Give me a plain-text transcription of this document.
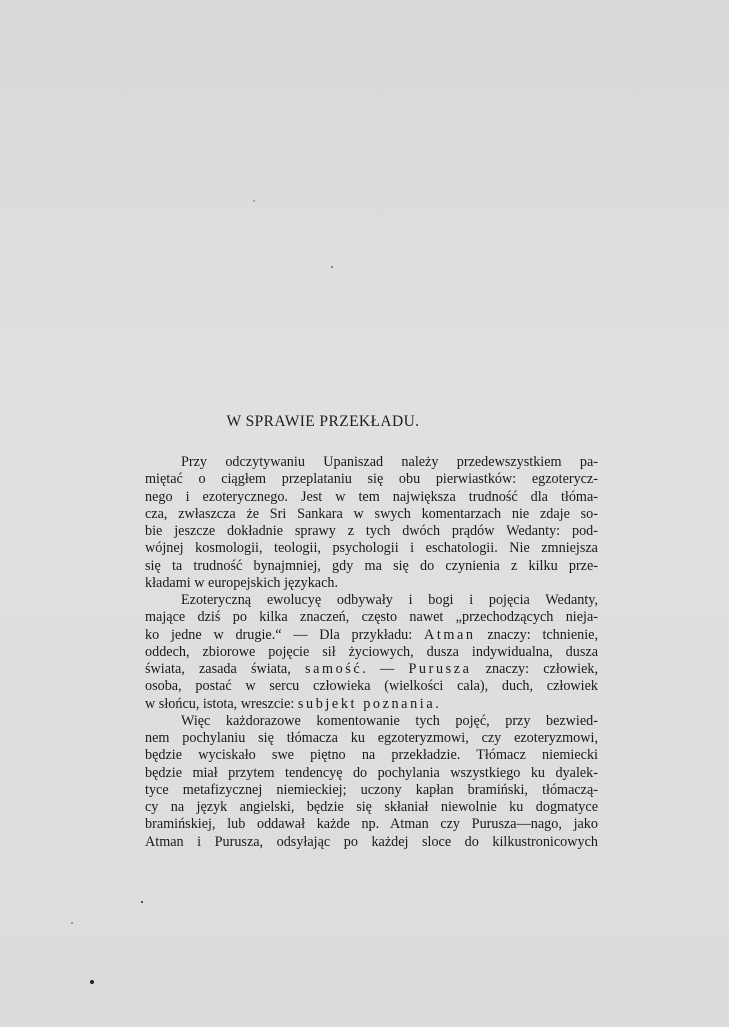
W SPRAWIE PRZEKŁADU.
Przy odczytywaniu Upaniszad należy przedewszystkiem pa-
miętać o ciągłem przeplataniu się obu pierwiastków: egzoterycz-
nego i ezoterycznego. Jest w tem największa trudność dla tłóma-
cza, zwłaszcza że Sri Sankara w swych komentarzach nie zdaje so-
bie jeszcze dokładnie sprawy z tych dwóch prądów Wedanty: pod-
wójnej kosmologii, teologii, psychologii i eschatologii. Nie zmniejsza
się ta trudność bynajmniej, gdy ma się do czynienia z kilku prze-
kładami w europejskich językach.
Ezoteryczną ewolucyę odbywały i bogi i pojęcia Wedanty,
mające dziś po kilka znaczeń, często nawet „przechodzących nieja-
ko jedne w drugie.“ — Dla przykładu: Atman znaczy: tchnienie,
oddech, zbiorowe pojęcie sił życiowych, dusza indywidualna, dusza
świata, zasada świata, samość. — Purusza znaczy: człowiek,
osoba, postać w sercu człowieka (wielkości cala), duch, człowiek
w słońcu, istota, wreszcie: subjekt poznania.
Więc każdorazowe komentowanie tych pojęć, przy bezwied-
nem pochylaniu się tłómacza ku egzoteryzmowi, czy ezoteryzmowi,
będzie wyciskało swe piętno na przekładzie. Tłómacz niemiecki
będzie miał przytem tendencyę do pochylania wszystkiego ku dyalek-
tyce metafizycznej niemieckiej; uczony kapłan bramiński, tłómaczą-
cy na język angielski, będzie się skłaniał niewolnie ku dogmatyce
bramińskiej, lub oddawał każde np. Atman czy Purusza—nago, jako
Atman i Purusza, odsyłając po każdej sloce do kilkustronicowych
